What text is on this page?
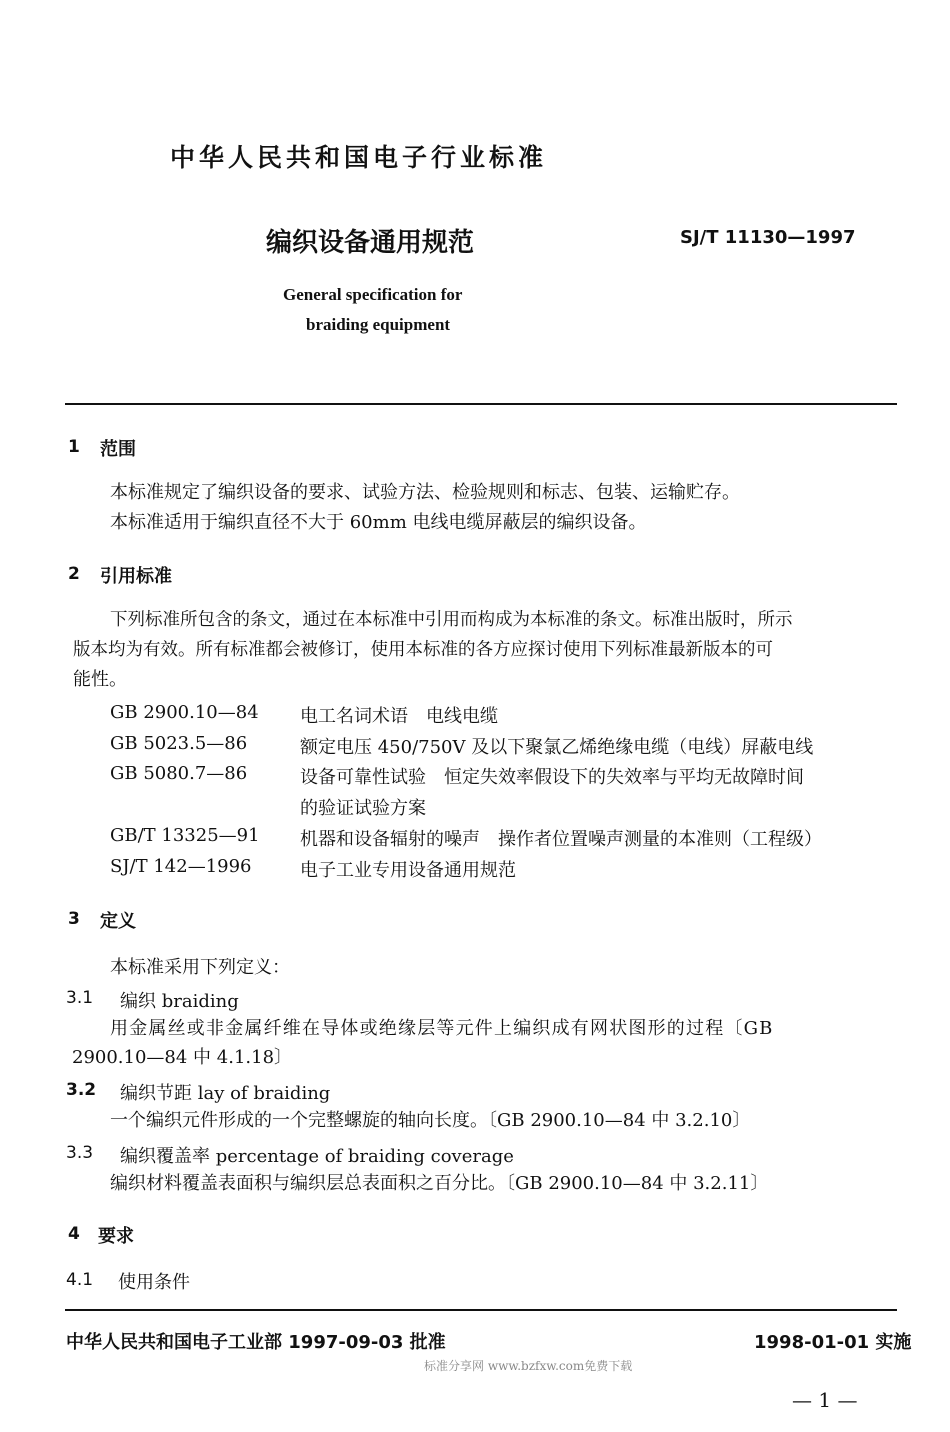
中华人民共和国电子行业标准
编织设备通用规范	SJ/T 11130—1997
General specification for
braiding equipment
1 范围
本标准规定了编织设备的要求、试验方法、检验规则和标志、包装、运输贮存。
本标准适用于编织直径不大于 60mm 电线电缆屏蔽层的编织设备。
2 引用标准
下列标准所包含的条文，通过在本标准中引用而构成为本标准的条文。标准出版时，所示
版本均为有效。所有标准都会被修订，使用本标准的各方应探讨使用下列标准最新版本的可
能性。
GB 2900.10—84 电工名词术语　电线电缆
GB 5023.5—86	额定电压 450/750V 及以下聚氯乙烯绝缘电缆（电线）屏蔽电线
GB 5080.7—86	设备可靠性试验　恒定失效率假设下的失效率与平均无故障时间
的验证试验方案
GB/T 13325—91 机器和设备辐射的噪声　操作者位置噪声测量的本准则（工程级）
SJ/T 142—1996	电子工业专用设备通用规范
3 定义
本标准采用下列定义：
3.1 编织 braiding
用金属丝或非金属纤维在导体或绝缘层等元件上编织成有网状图形的过程〔GB
2900.10—84 中 4.1.18〕
3.2 编织节距 lay of braiding
一个编织元件形成的一个完整螺旋的轴向长度。〔GB 2900.10—84 中 3.2.10〕
3.3 编织覆盖率 percentage of braiding coverage
编织材料覆盖表面积与编织层总表面积之百分比。〔GB 2900.10—84 中 3.2.11〕
4 要求
4.1 使用条件
中华人民共和国电子工业部 1997-09-03 批准	1998-01-01 实施
标准分享网 www.bzfxw.com免费下载
— 1 —
